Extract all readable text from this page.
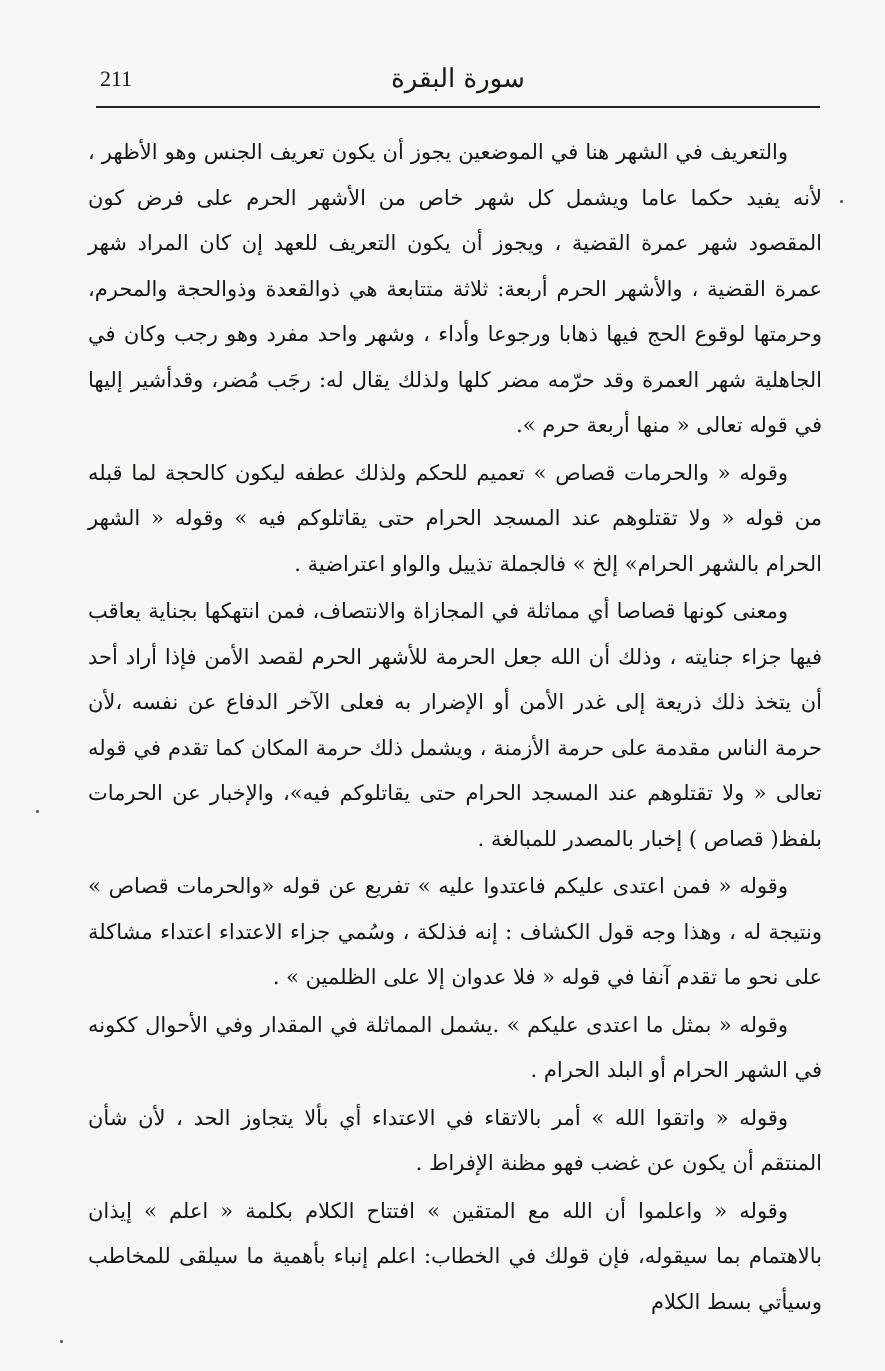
211	سورة البقرة

والتعريف في الشهر هنا في الموضعين يجوز أن يكون تعريف الجنس وهو الأظهر ، لأنه يفيد حكما عاما ويشمل كل شهر خاص من الأشهر الحرم على فرض كون المقصود شهر عمرة القضية ، ويجوز أن يكون التعريف للعهد إن كان المراد شهر عمرة القضية ، والأشهر الحرم أربعة: ثلاثة متتابعة هي ذوالقعدة وذوالحجة والمحرم، وحرمتها لوقوع الحج فيها ذهابا ورجوعا وأداء ، وشهر واحد مفرد وهو رجب وكان في الجاهلية شهر العمرة وقد حرّمه مضر كلها ولذلك يقال له: رجَب مُضر، وقدأشير إليها في قوله تعالى « منها أربعة حرم ».

وقوله « والحرمات قصاص » تعميم للحكم ولذلك عطفه ليكون كالحجة لما قبله من قوله « ولا تقتلوهم عند المسجد الحرام حتى يقاتلوكم فيه » وقوله « الشهر الحرام بالشهر الحرام» إلخ » فالجملة تذييل والواو اعتراضية .

ومعنى كونها قصاصا أي مماثلة في المجازاة والانتصاف، فمن انتهكها بجناية يعاقب فيها جزاء جنايته ، وذلك أن الله جعل الحرمة للأشهر الحرم لقصد الأمن فإذا أراد أحد أن يتخذ ذلك ذريعة إلى غدر الأمن أو الإضرار به فعلى الآخر الدفاع عن نفسه ،لأن حرمة الناس مقدمة على حرمة الأزمنة ، ويشمل ذلك حرمة المكان كما تقدم في قوله تعالى « ولا تقتلوهم عند المسجد الحرام حتى يقاتلوكم فيه»، والإخبار عن الحرمات بلفظ( قصاص ) إخبار بالمصدر للمبالغة .

وقوله « فمن اعتدى عليكم فاعتدوا عليه » تفريع عن قوله «والحرمات قصاص » ونتيجة له ، وهذا وجه قول الكشاف : إنه فذلكة ، وسُمي جزاء الاعتداء اعتداء مشاكلة على نحو ما تقدم آنفا في قوله « فلا عدوان إلا على الظلمين » .

وقوله « بمثل ما اعتدى عليكم » .يشمل المماثلة في المقدار وفي الأحوال ككونه في الشهر الحرام أو البلد الحرام .

وقوله « واتقوا الله » أمر بالاتقاء في الاعتداء أي بألا يتجاوز الحد ، لأن شأن المنتقم أن يكون عن غضب فهو مظنة الإفراط .

وقوله « واعلموا أن الله مع المتقين » افتتاح الكلام بكلمة « اعلم » إيذان بالاهتمام بما سيقوله، فإن قولك في الخطاب: اعلم إنباء بأهمية ما سيلقى للمخاطب وسيأتي بسط الكلام
